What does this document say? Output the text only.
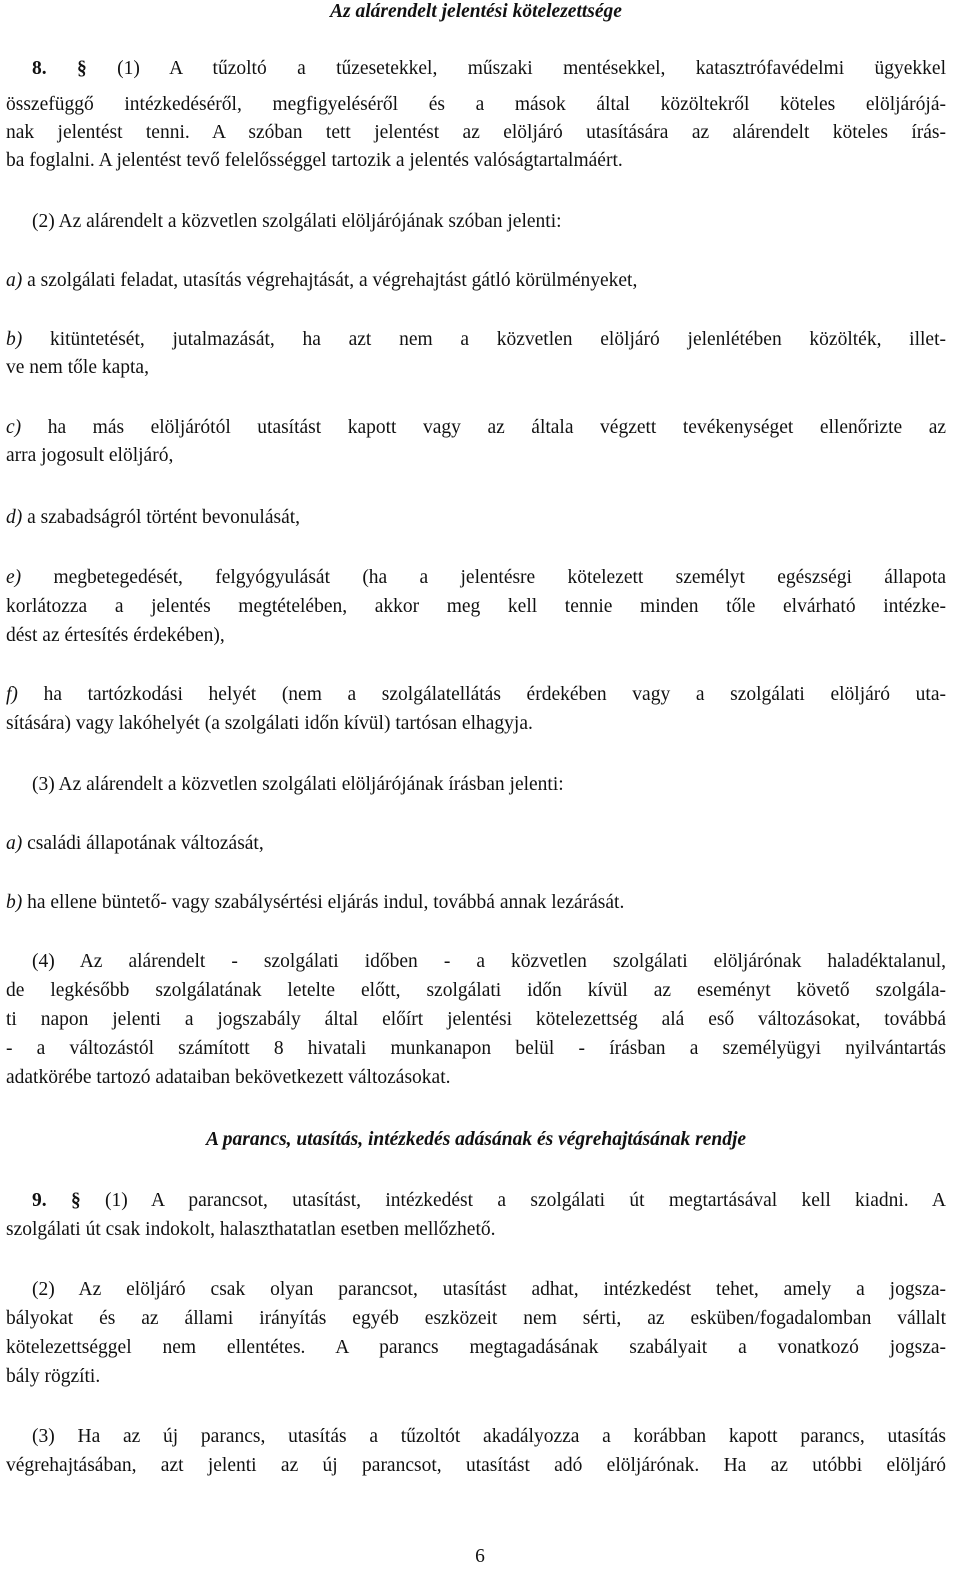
Az alárendelt jelentési kötelezettsége
8. § (1) A tűzoltó a tűzesetekkel, műszaki mentésekkel, katasztrófavédelmi ügyekkel
összefüggő intézkedéséről, megfigyeléséről és a mások által közöltekről köteles elöljárójá-
nak jelentést tenni. A szóban tett jelentést az elöljáró utasítására az alárendelt köteles írás-
ba foglalni. A jelentést tevő felelősséggel tartozik a jelentés valóságtartalmáért.
(2) Az alárendelt a közvetlen szolgálati elöljárójának szóban jelenti:
a) a szolgálati feladat, utasítás végrehajtását, a végrehajtást gátló körülményeket,
b) kitüntetését, jutalmazását, ha azt nem a közvetlen elöljáró jelenlétében közölték, illet-
ve nem tőle kapta,
c) ha más elöljárótól utasítást kapott vagy az általa végzett tevékenységet ellenőrizte az
arra jogosult elöljáró,
d) a szabadságról történt bevonulását,
e) megbetegedését, felgyógyulását (ha a jelentésre kötelezett személyt egészségi állapota
korlátozza a jelentés megtételében, akkor meg kell tennie minden tőle elvárható intézke-
dést az értesítés érdekében),
f) ha tartózkodási helyét (nem a szolgálatellátás érdekében vagy a szolgálati elöljáró uta-
sítására) vagy lakóhelyét (a szolgálati időn kívül) tartósan elhagyja.
(3) Az alárendelt a közvetlen szolgálati elöljárójának írásban jelenti:
a) családi állapotának változását,
b) ha ellene büntető- vagy szabálysértési eljárás indul, továbbá annak lezárását.
(4) Az alárendelt - szolgálati időben - a közvetlen szolgálati elöljárónak haladéktalanul,
de legkésőbb szolgálatának letelte előtt, szolgálati időn kívül az eseményt követő szolgála-
ti napon jelenti a jogszabály által előírt jelentési kötelezettség alá eső változásokat, továbbá
- a változástól számított 8 hivatali munkanapon belül - írásban a személyügyi nyilvántartás
adatkörébe tartozó adataiban bekövetkezett változásokat.
A parancs, utasítás, intézkedés adásának és végrehajtásának rendje
9. § (1) A parancsot, utasítást, intézkedést a szolgálati út megtartásával kell kiadni. A
szolgálati út csak indokolt, halaszthatatlan esetben mellőzhető.
(2) Az elöljáró csak olyan parancsot, utasítást adhat, intézkedést tehet, amely a jogsza-
bályokat és az állami irányítás egyéb eszközeit nem sérti, az esküben/fogadalomban vállalt
kötelezettséggel nem ellentétes. A parancs megtagadásának szabályait a vonatkozó jogsza-
bály rögzíti.
(3) Ha az új parancs, utasítás a tűzoltót akadályozza a korábban kapott parancs, utasítás
végrehajtásában, azt jelenti az új parancsot, utasítást adó elöljárónak. Ha az utóbbi elöljáró
6
